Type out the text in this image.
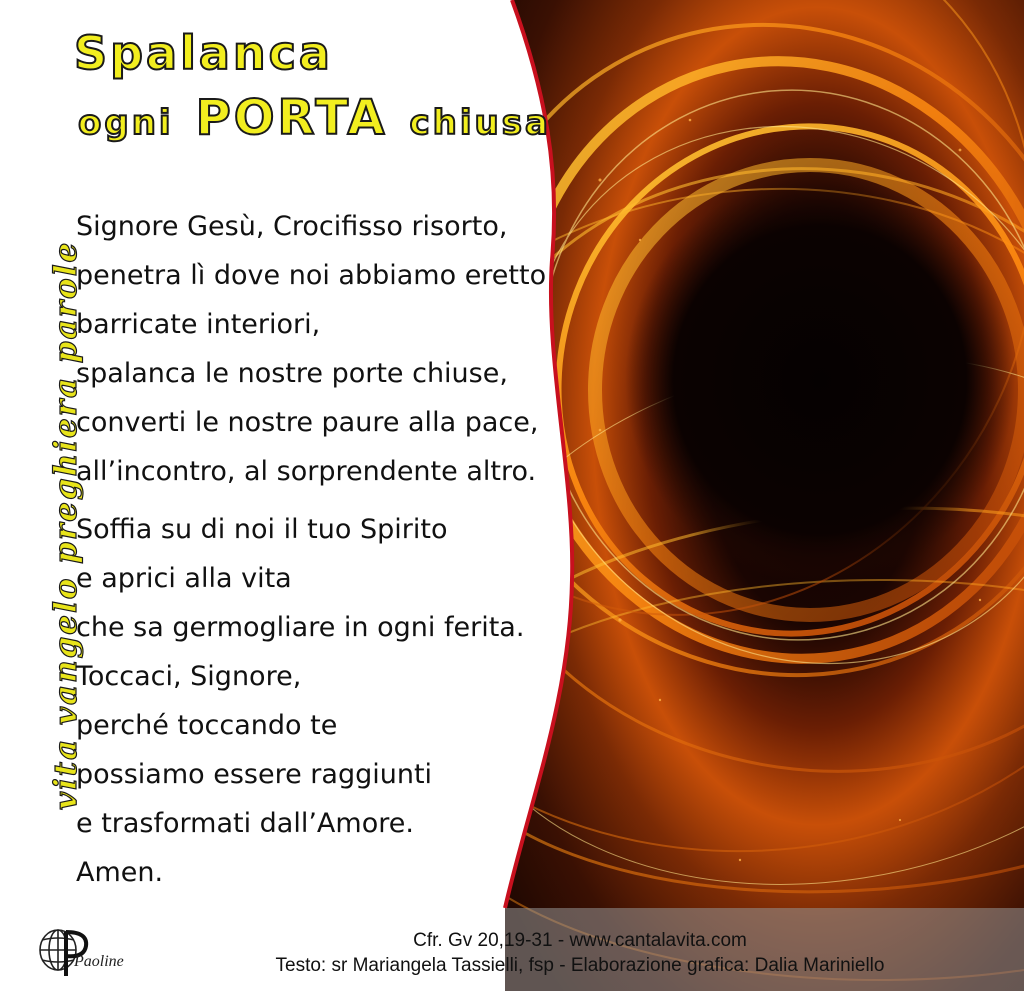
Spalanca
ogni PORTA chiusa
vita vangelo preghiera parole

Signore Gesù, Crocifisso risorto,
penetra lì dove noi abbiamo eretto
barricate interiori,
spalanca le nostre porte chiuse,
converti le nostre paure alla pace,
all’incontro, al sorprendente altro.

Soffia su di noi il tuo Spirito
e aprici alla vita
che sa germogliare in ogni ferita.
Toccaci, Signore,
perché toccando te
possiamo essere raggiunti
e trasformati dall’Amore.
Amen.

Cfr. Gv 20,19-31 - www.cantalavita.com
Testo: sr Mariangela Tassielli, fsp - Elaborazione grafica: Dalia Mariniello
Paoline
